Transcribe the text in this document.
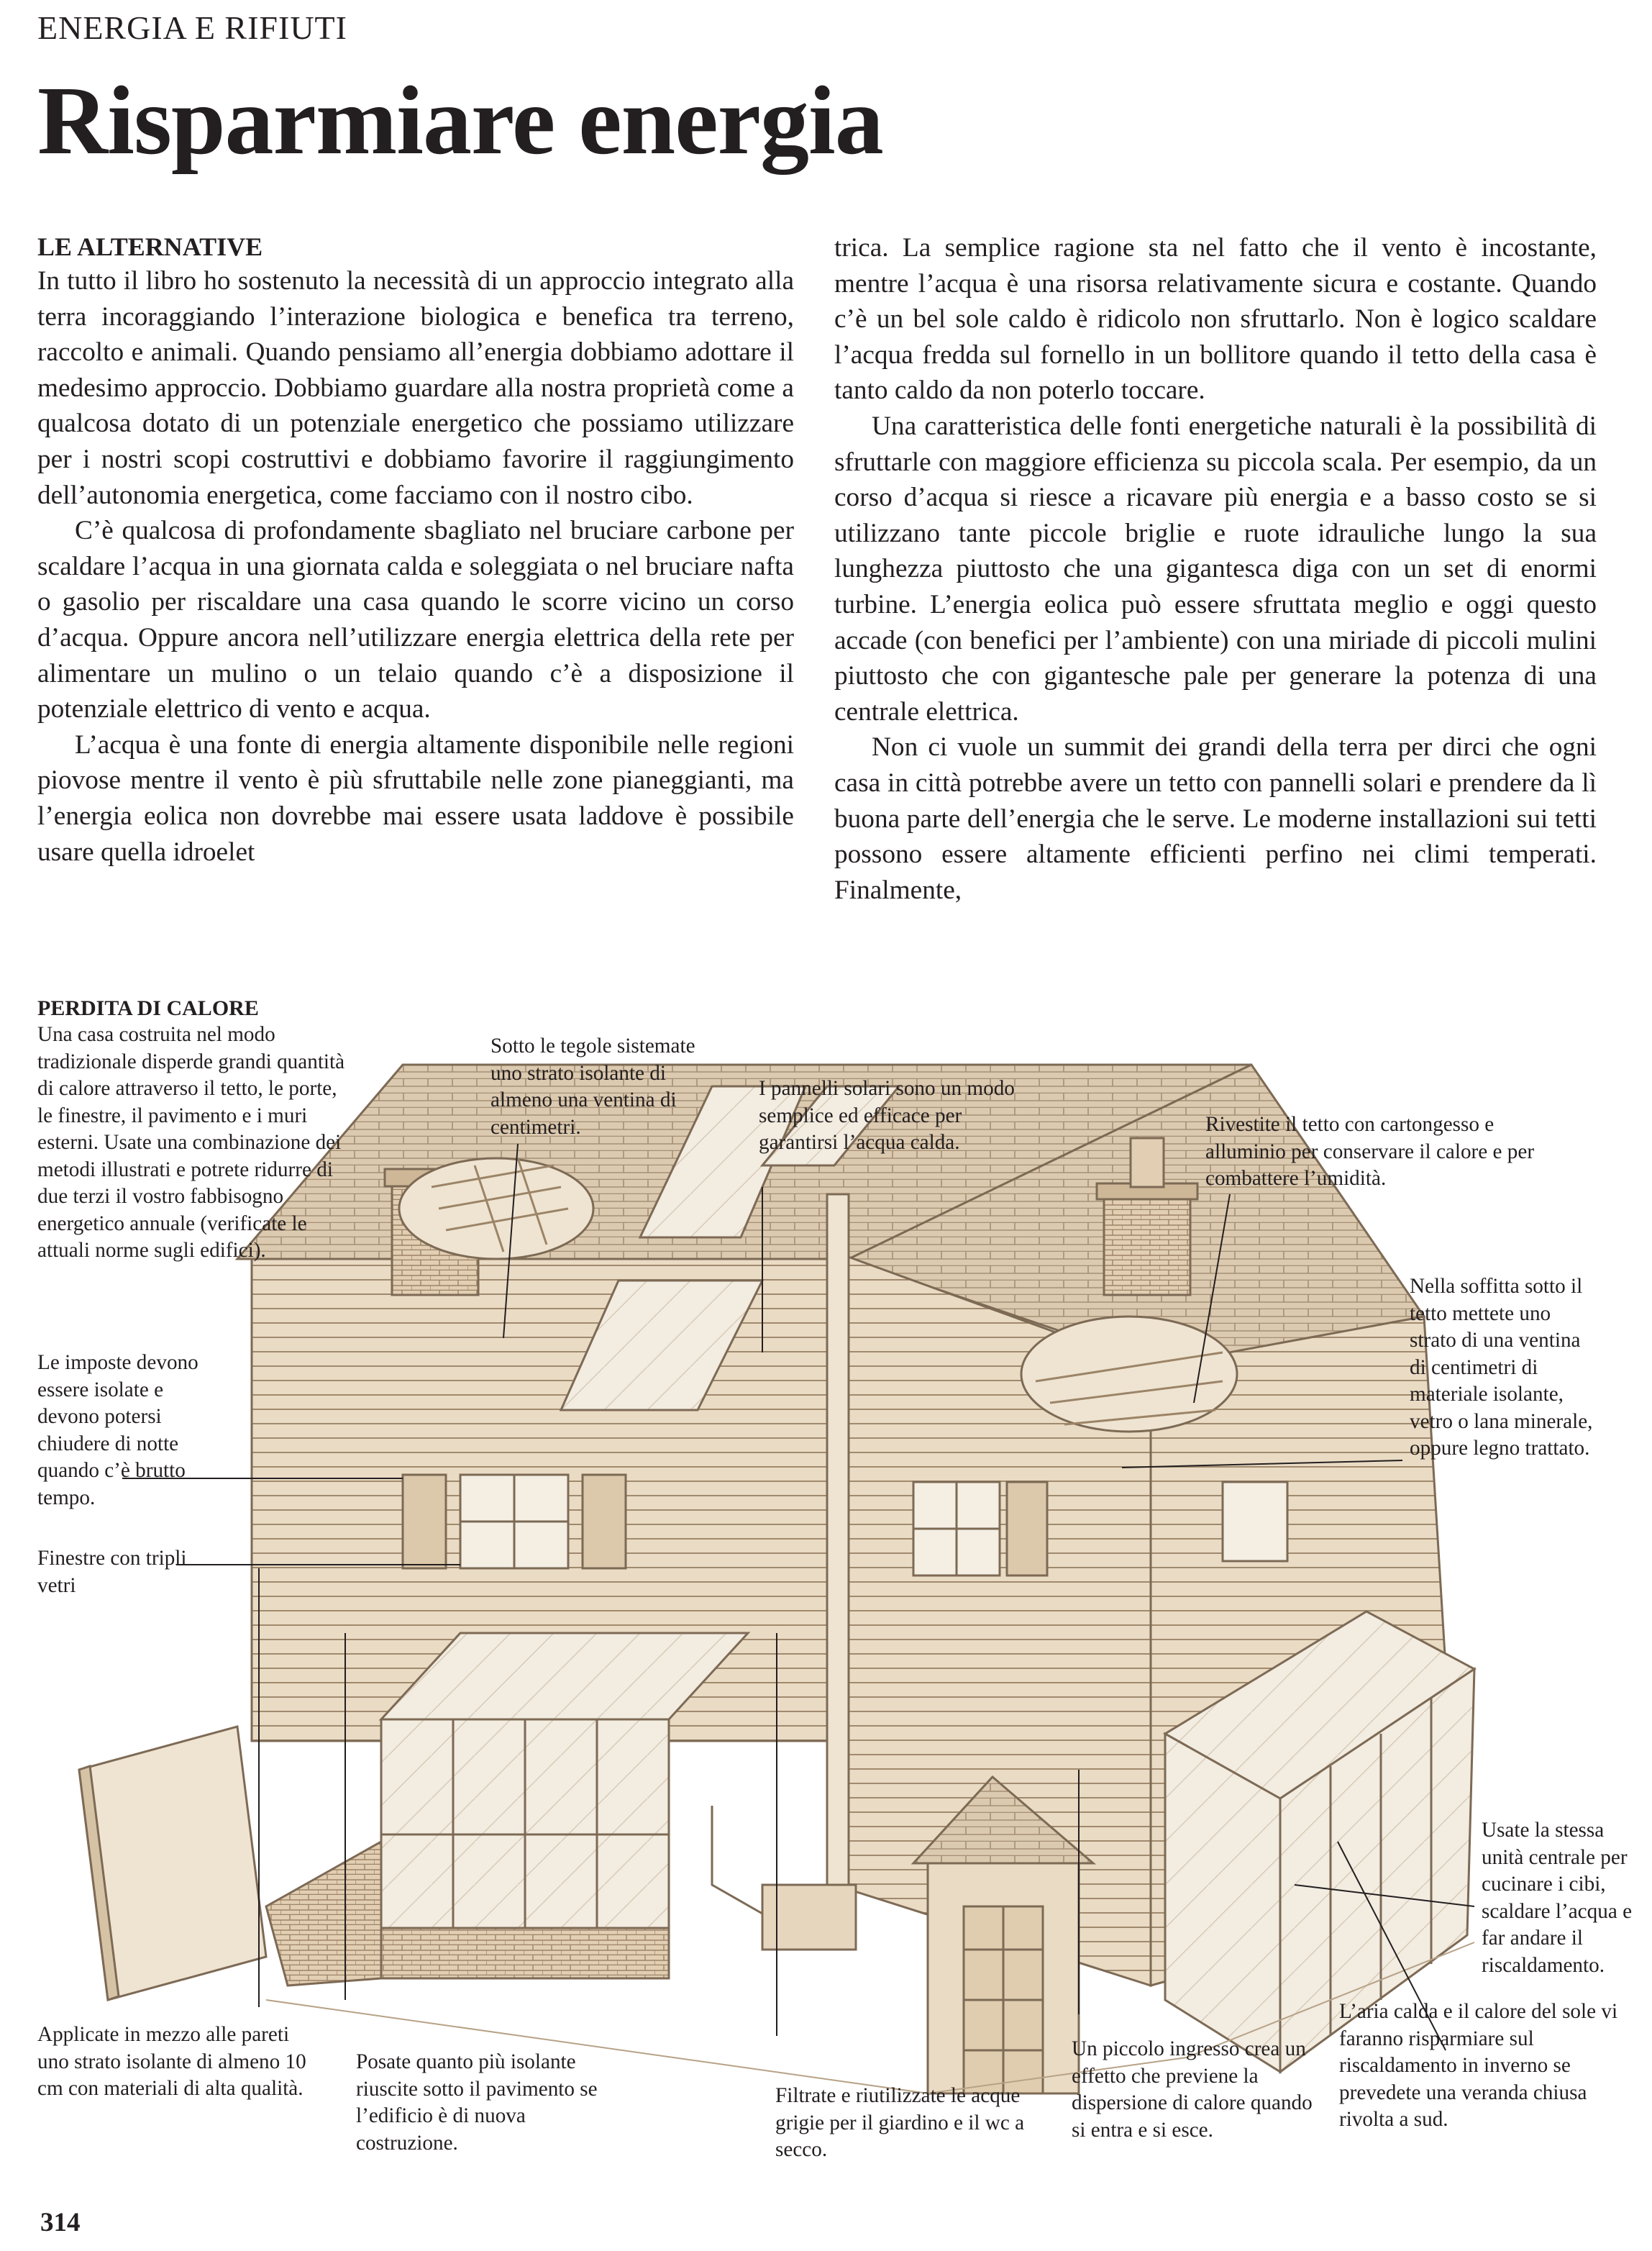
ENERGIA E RIFIUTI
Risparmiare energia
LE ALTERNATIVE

In tutto il libro ho sostenuto la necessità di un approccio integrato alla terra incoraggiando l’interazione biologica e benefica tra terreno, raccolto e animali. Quando pensiamo all’energia dobbiamo adottare il medesimo approccio. Dobbiamo guardare alla nostra proprietà come a qualcosa dotato di un potenziale energetico che possiamo utilizzare per i nostri scopi costruttivi e dobbiamo favorire il raggiungimento dell’autonomia energetica, come facciamo con il nostro cibo.

C’è qualcosa di profondamente sbagliato nel bruciare carbone per scaldare l’acqua in una giornata calda e soleggiata o nel bruciare nafta o gasolio per riscaldare una casa quando le scorre vicino un corso d’acqua. Oppure ancora nell’utilizzare energia elettrica della rete per alimentare un mulino o un telaio quando c’è a disposizione il potenziale elettrico di vento e acqua.

L’acqua è una fonte di energia altamente disponibile nelle regioni piovose mentre il vento è più sfruttabile nelle zone pianeggianti, ma l’energia eolica non dovrebbe mai essere usata laddove è possibile usare quella idroelet

trica. La semplice ragione sta nel fatto che il vento è incostante, mentre l’acqua è una risorsa relativamente sicura e costante. Quando c’è un bel sole caldo è ridicolo non sfruttarlo. Non è logico scaldare l’acqua fredda sul fornello in un bollitore quando il tetto della casa è tanto caldo da non poterlo toccare.

Una caratteristica delle fonti energetiche naturali è la possibilità di sfruttarle con maggiore efficienza su piccola scala. Per esempio, da un corso d’acqua si riesce a ricavare più energia e a basso costo se si utilizzano tante piccole briglie e ruote idrauliche lungo la sua lunghezza piuttosto che una gigantesca diga con un set di enormi turbine. L’energia eolica può essere sfruttata meglio e oggi questo accade (con benefici per l’ambiente) con una miriade di piccoli mulini piuttosto che con gigantesche pale per generare la potenza di una centrale elettrica.

Non ci vuole un summit dei grandi della terra per dirci che ogni casa in città potrebbe avere un tetto con pannelli solari e prendere da lì buona parte dell’energia che le serve. Le moderne installazioni sui tetti possono essere altamente efficienti perfino nei climi temperati. Finalmente,

PERDITA DI CALORE
Una casa costruita nel modo tradizionale disperde grandi quantità di calore attraverso il tetto, le porte, le finestre, il pavimento e i muri esterni. Usate una combinazione dei metodi illustrati e potrete ridurre di due terzi il vostro fabbisogno energetico annuale (verificate le attuali norme sugli edifici).
Le imposte devono essere isolate e devono potersi chiudere di notte quando c’è brutto tempo.
Finestre con tripli vetri
Sotto le tegole sistemate uno strato isolante di almeno una ventina di centimetri.
I pannelli solari sono un modo semplice ed efficace per garantirsi l’acqua calda.
Rivestite il tetto con cartongesso e alluminio per conservare il calore e per combattere l’umidità.
Nella soffitta sotto il tetto mettete uno strato di una ventina di centimetri di materiale isolante, vetro o lana minerale, oppure legno trattato.
Usate la stessa unità centrale per cucinare i cibi, scaldare l’acqua e far andare il riscaldamento.
Applicate in mezzo alle pareti uno strato isolante di almeno 10 cm con materiali di alta qualità.
Posate quanto più isolante riuscite sotto il pavimento se l’edificio è di nuova costruzione.
Filtrate e riutilizzate le acque grigie per il giardino e il wc a secco.
Un piccolo ingresso crea un effetto che previene la dispersione di calore quando si entra e si esce.
L’aria calda e il calore del sole vi faranno risparmiare sul riscaldamento in inverno se prevedete una veranda chiusa rivolta a sud.
314
